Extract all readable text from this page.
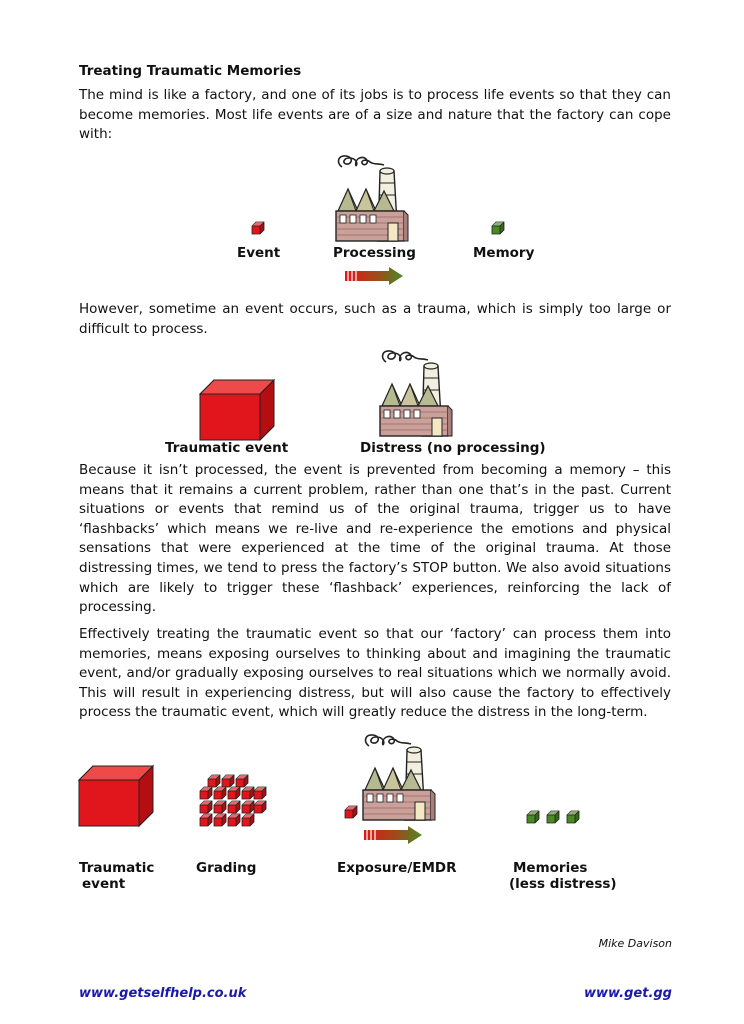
Treating Traumatic Memories
The mind is like a factory, and one of its jobs is to process life events so that they can become memories. Most life events are of a size and nature that the factory can cope with:
Event	Processing	Memory
However, sometime an event occurs, such as a trauma, which is simply too large or difficult to process.
Traumatic event	Distress (no processing)
Because it isn’t processed, the event is prevented from becoming a memory – this means that it remains a current problem, rather than one that’s in the past. Current situations or events that remind us of the original trauma, trigger us to have ‘flashbacks’ which means we re-live and re-experience the emotions and physical sensations that were experienced at the time of the original trauma. At those distressing times, we tend to press the factory’s STOP button. We also avoid situations which are likely to trigger these ‘flashback’ experiences, reinforcing the lack of processing.
Effectively treating the traumatic event so that our ‘factory’ can process them into memories, means exposing ourselves to thinking about and imagining the traumatic event, and/or gradually exposing ourselves to real situations which we normally avoid. This will result in experiencing distress, but will also cause the factory to effectively process the traumatic event, which will greatly reduce the distress in the long-term.
Traumatic
event
Grading	Exposure/EMDR	Memories
(less distress)
Mike Davison
www.getselfhelp.co.uk	www.get.gg
